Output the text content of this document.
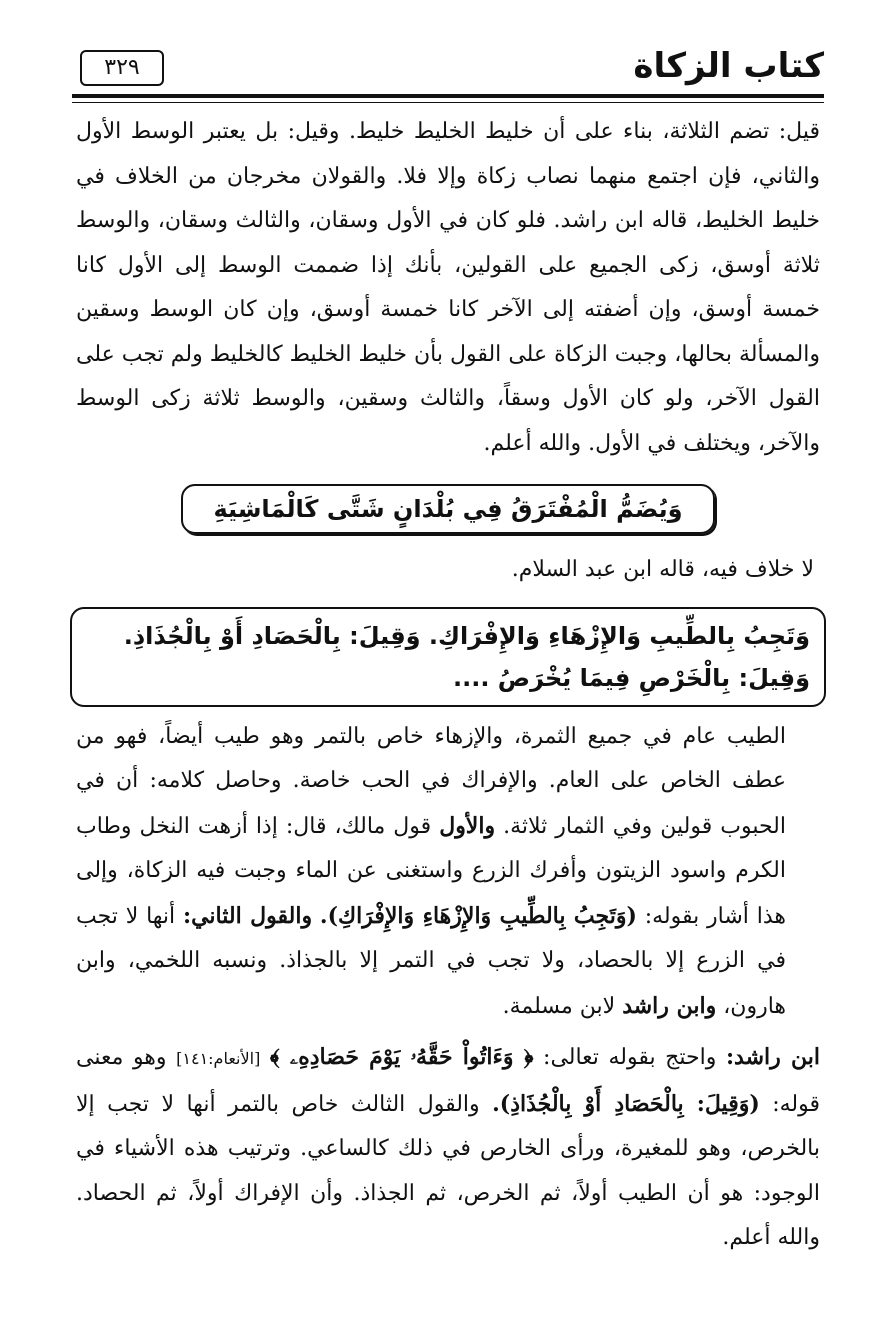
كتاب الزكاة
٣٢٩

قيل: تضم الثلاثة، بناء على أن خليط الخليط خليط. وقيل: بل يعتبر الوسط الأول والثاني، فإن اجتمع منهما نصاب زكاة وإلا فلا. والقولان مخرجان من الخلاف في خليط الخليط، قاله ابن راشد. فلو كان في الأول وسقان، والثالث وسقان، والوسط ثلاثة أوسق، زكى الجميع على القولين، بأنك إذا ضممت الوسط إلى الأول كانا خمسة أوسق، وإن أضفته إلى الآخر كانا خمسة أوسق، وإن كان الوسط وسقين والمسألة بحالها، وجبت الزكاة على القول بأن خليط الخليط كالخليط ولم تجب على القول الآخر، ولو كان الأول وسقاً، والثالث وسقين، والوسط ثلاثة زكى الوسط والآخر، ويختلف في الأول. والله أعلم.

وَيُضَمُّ الْمُفْتَرَقُ فِي بُلْدَانٍ شَتَّى كَالْمَاشِيَةِ

لا خلاف فيه، قاله ابن عبد السلام.

وَتَجِبُ بِالطِّيبِ وَالإِزْهَاءِ وَالإِفْرَاكِ. وَقِيلَ: بِالْحَصَادِ أَوْ بِالْجُذَاذِ.
وَقِيلَ: بِالْخَرْصِ فِيمَا يُخْرَصُ ....

الطيب عام في جميع الثمرة، والإزهاء خاص بالتمر وهو طيب أيضاً، فهو من عطف الخاص على العام. والإفراك في الحب خاصة. وحاصل كلامه: أن في الحبوب قولين وفي الثمار ثلاثة. والأول قول مالك، قال: إذا أزهت النخل وطاب الكرم واسود الزيتون وأفرك الزرع واستغنى عن الماء وجبت فيه الزكاة، وإلى هذا أشار بقوله: (وَتَجِبُ بِالطِّيبِ وَالإِزْهَاءِ وَالإِفْرَاكِ). والقول الثاني: أنها لا تجب في الزرع إلا بالحصاد، ولا تجب في التمر إلا بالجذاذ. ونسبه اللخمي، وابن هارون، وابن راشد لابن مسلمة.

ابن راشد: واحتج بقوله تعالى: ﴿ وَءَاتُواْ حَقَّهُۥ يَوْمَ حَصَادِهِۦ ﴾ [الأنعام:١٤١] وهو معنى قوله: (وَقِيلَ: بِالْحَصَادِ أَوْ بِالْجُذَاذِ). والقول الثالث خاص بالتمر أنها لا تجب إلا بالخرص، وهو للمغيرة، ورأى الخارص في ذلك كالساعي. وترتيب هذه الأشياء في الوجود: هو أن الطيب أولاً، ثم الخرص، ثم الجذاذ. وأن الإفراك أولاً، ثم الحصاد. والله أعلم.
